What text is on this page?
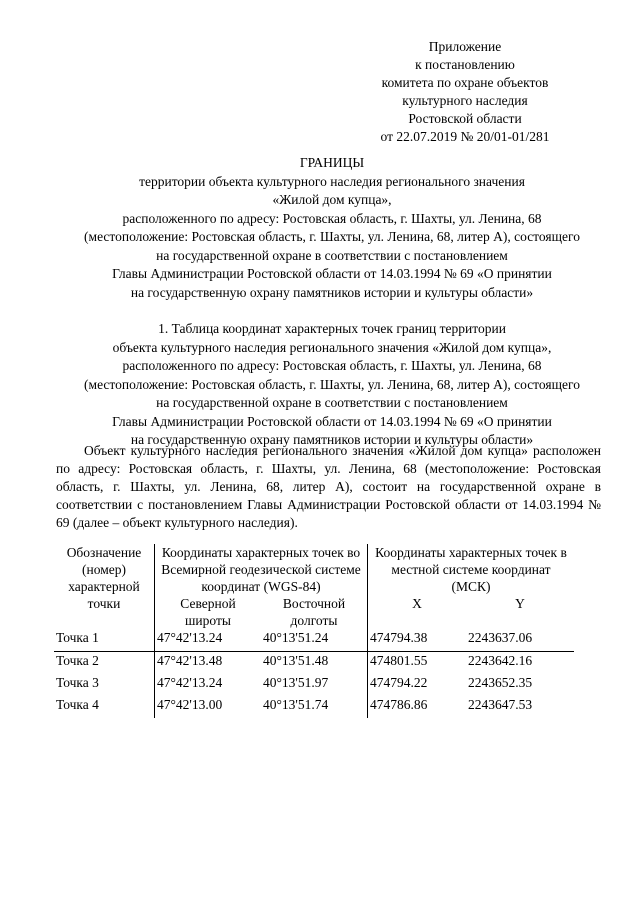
Приложение
к постановлению
комитета по охране объектов
культурного наследия
Ростовской области
от 22.07.2019 № 20/01-01/281
ГРАНИЦЫ
территории объекта культурного наследия регионального значения
«Жилой дом купца»,
расположенного по адресу: Ростовская область, г. Шахты, ул. Ленина, 68
(местоположение: Ростовская область, г. Шахты, ул. Ленина, 68, литер А), состоящего
на государственной охране в соответствии с постановлением
Главы Администрации Ростовской области от 14.03.1994 № 69 «О принятии
на государственную охрану памятников истории и культуры области»
1. Таблица координат характерных точек границ территории
объекта культурного наследия регионального значения «Жилой дом купца»,
расположенного по адресу: Ростовская область, г. Шахты, ул. Ленина, 68
(местоположение: Ростовская область, г. Шахты, ул. Ленина, 68, литер А), состоящего
на государственной охране в соответствии с постановлением
Главы Администрации Ростовской области от 14.03.1994 № 69 «О принятии
на государственную охрану памятников истории и культуры области»
Объект культурного наследия регионального значения «Жилой дом купца» расположен по адресу: Ростовская область, г. Шахты, ул. Ленина, 68 (местоположение: Ростовская область, г. Шахты, ул. Ленина, 68, литер А), состоит на государственной охране в соответствии с постановлением Главы Администрации Ростовской области от 14.03.1994 № 69 (далее – объект культурного наследия).
Обозначение (номер) характерной точки	Координаты характерных точек во Всемирной геодезической системе координат (WGS-84)		Координаты характерных точек в местной системе координат (МСК)	
	Северной широты	Восточной долготы	X	Y
Точка 1	47°42'13.24	40°13'51.24	474794.38	2243637.06
Точка 2	47°42'13.48	40°13'51.48	474801.55	2243642.16
Точка 3	47°42'13.24	40°13'51.97	474794.22	2243652.35
Точка 4	47°42'13.00	40°13'51.74	474786.86	2243647.53
